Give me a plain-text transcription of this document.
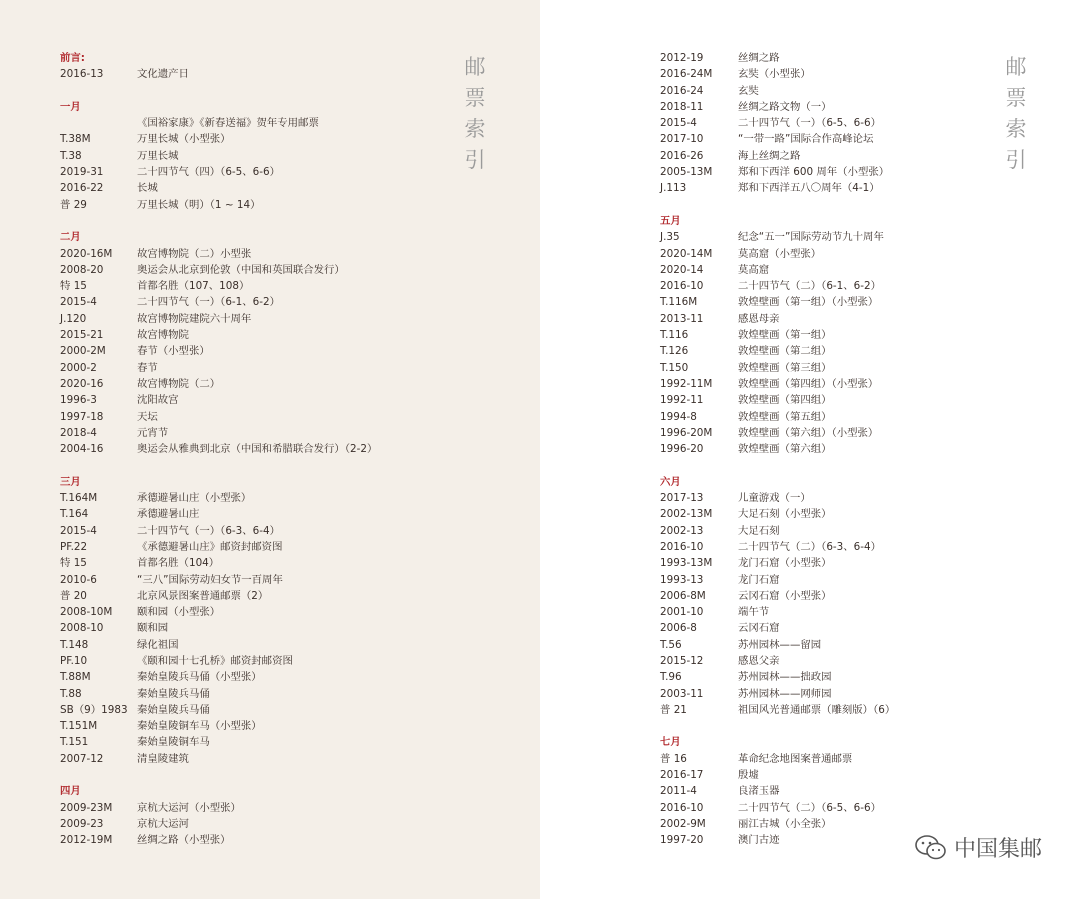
邮
票
索
引
前言:
2016-13	文化遗产日
一月
《国裕家康》《新春送福》贺年专用邮票
T.38M	万里长城（小型张）
T.38	万里长城
2019-31	二十四节气（四）（6-5、6-6）
2016-22	长城
普 29	万里长城（明）（1 ~ 14）
二月
2020-16M 故宫博物院（二）小型张
2008-20	奥运会从北京到伦敦（中国和英国联合发行）
特 15	首都名胜（107、108）
2015-4	二十四节气（一）（6-1、6-2）
J.120	故宫博物院建院六十周年
2015-21	故宫博物院
2000-2M	春节（小型张）
2000-2	春节
2020-16	故宫博物院（二）
1996-3	沈阳故宫
1997-18	天坛
2018-4	元宵节
2004-16	奥运会从雅典到北京（中国和希腊联合发行）（2-2）
三月
T.164M	承德避暑山庄（小型张）
T.164	承德避暑山庄
2015-4	二十四节气（一）（6-3、6-4）
PF.22	《承德避暑山庄》邮资封邮资图
特 15	首都名胜（104）
2010-6	“三八”国际劳动妇女节一百周年
普 20	北京风景图案普通邮票（2）
2008-10M 颐和园（小型张）
2008-10	颐和园
T.148	绿化祖国
PF.10	《颐和园十七孔桥》邮资封邮资图
T.88M	秦始皇陵兵马俑（小型张）
T.88	秦始皇陵兵马俑
SB（9）1983 秦始皇陵兵马俑
T.151M	秦始皇陵铜车马（小型张）
T.151	秦始皇陵铜车马
2007-12	清皇陵建筑
四月
2009-23M 京杭大运河（小型张）
2009-23	京杭大运河
2012-19M 丝绸之路（小型张）
邮
票
索
引
2012-19	丝绸之路
2016-24M 玄奘（小型张）
2016-24	玄奘
2018-11	丝绸之路文物（一）
2015-4	二十四节气（一）（6-5、6-6）
2017-10	“一带一路”国际合作高峰论坛
2016-26	海上丝绸之路
2005-13M 郑和下西洋 600 周年（小型张）
J.113	郑和下西洋五八〇周年（4-1）
五月
J.35	纪念“五一”国际劳动节九十周年
2020-14M 莫高窟（小型张）
2020-14	莫高窟
2016-10	二十四节气（二）（6-1、6-2）
T.116M	敦煌壁画（第一组）（小型张）
2013-11	感恩母亲
T.116	敦煌壁画（第一组）
T.126	敦煌壁画（第二组）
T.150	敦煌壁画（第三组）
1992-11M 敦煌壁画（第四组）（小型张）
1992-11	敦煌壁画（第四组）
1994-8	敦煌壁画（第五组）
1996-20M 敦煌壁画（第六组）（小型张）
1996-20	敦煌壁画（第六组）
六月
2017-13	儿童游戏（一）
2002-13M 大足石刻（小型张）
2002-13	大足石刻
2016-10	二十四节气（二）（6-3、6-4）
1993-13M 龙门石窟（小型张）
1993-13	龙门石窟
2006-8M	云冈石窟（小型张）
2001-10	端午节
2006-8	云冈石窟
T.56	苏州园林——留园
2015-12	感恩父亲
T.96	苏州园林——拙政园
2003-11	苏州园林——网师园
普 21	祖国风光普通邮票（雕刻版）（6）
七月
普 16	革命纪念地图案普通邮票
2016-17	殷墟
2011-4	良渚玉器
2016-10	二十四节气（二）（6-5、6-6）
2002-9M	丽江古城（小全张）
1997-20	澳门古迹	中国集邮
